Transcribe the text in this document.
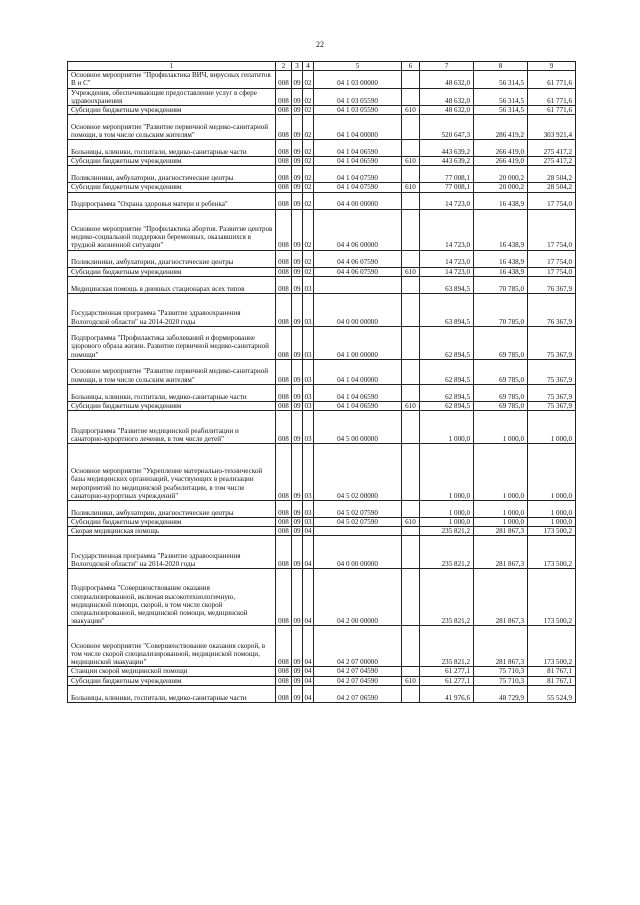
22
1	2	3	4	5	6	7	8	9
Основное мероприятие "Профилактика ВИЧ, вирусных гепатитов В и С"	008	09	02	04 1 03 00000		48 632,0	56 314,5	61 771,6
Учреждения, обеспечивающие предоставление услуг в сфере здравоохранения	008	09	02	04 1 03 05590		48 632,0	56 314,5	61 771,6
Субсидии бюджетным учреждениям	008	09	02	04 1 03 05590	610	48 632,0	56 314,5	61 771,6
Основное мероприятие "Развитие первичной медико-санитарной помощи, в том числе сельским жителям"	008	09	02	04 1 04 00000		520 647,3	286 419,2	303 921,4
Больницы, клиники, госпитали, медико-санитарные части	008	09	02	04 1 04 06590		443 639,2	266 419,0	275 417,2
Субсидии бюджетным учреждениям	008	09	02	04 1 04 06590	610	443 639,2	266 419,0	275 417,2
Поликлиники, амбулатории, диагностические центры	008	09	02	04 1 04 07590		77 008,1	20 000,2	28 504,2
Субсидии бюджетным учреждениям	008	09	02	04 1 04 07590	610	77 008,1	20 000,2	28 504,2
Подпрограмма "Охрана здоровья матери и ребенка"	008	09	02	04 4 00 00000		14 723,0	16 438,9	17 754,0
Основное мероприятие "Профилактика абортов. Развитие центров медико-социальной поддержки беременных, оказавшихся в трудной жизненной ситуации"	008	09	02	04 4 06 00000		14 723,0	16 438,9	17 754,0
Поликлиники, амбулатории, диагностические центры	008	09	02	04 4 06 07590		14 723,0	16 438,9	17 754,0
Субсидии бюджетным учреждениям	008	09	02	04 4 06 07590	610	14 723,0	16 438,9	17 754,0
Медицинская помощь в дневных стационарах всех типов	008	09	03			63 894,5	70 785,0	76 367,9
Государственная программа "Развитие здравоохранения Вологодской области" на 2014-2020 годы	008	09	03	04 0 00 00000		63 894,5	70 785,0	76 367,9
Подпрограмма "Профилактика заболеваний и формирование здорового образа жизни. Развитие первичной медико-санитарной помощи"	008	09	03	04 1 00 00000		62 894,5	69 785,0	75 367,9
Основное мероприятие "Развитие первичной медико-санитарной помощи, в том числе сельским жителям"	008	09	03	04 1 04 00000		62 894,5	69 785,0	75 367,9
Больницы, клиники, госпитали, медико-санитарные части	008	09	03	04 1 04 06590		62 894,5	69 785,0	75 367,9
Субсидии бюджетным учреждениям	008	09	03	04 1 04 06590	610	62 894,5	69 785,0	75 367,9
Подпрограмма "Развитие медицинской реабилитации и санаторно-курортного лечения, в том числе детей"	008	09	03	04 5 00 00000		1 000,0	1 000,0	1 000,0
Основное мероприятие "Укрепление материально-технической базы медицинских организаций, участвующих в реализации мероприятий по медицинской реабилитации, в том числе санаторно-курортных учреждений"	008	09	03	04 5 02 00000		1 000,0	1 000,0	1 000,0
Поликлиники, амбулатории, диагностические центры	008	09	03	04 5 02 07590		1 000,0	1 000,0	1 000,0
Субсидии бюджетным учреждениям	008	09	03	04 5 02 07590	610	1 000,0	1 000,0	1 000,0
Скорая медицинская помощь	008	09	04			235 821,2	281 867,3	173 500,2
Государственная программа "Развитие здравоохранения Вологодской области" на 2014-2020 годы	008	09	04	04 0 00 00000		235 821,2	281 867,3	173 500,2
Подпрограмма "Совершенствование оказания специализированной, включая высокотехнологичную, медицинской помощи, скорой, в том числе скорой специализированной, медицинской помощи, медицинской эвакуации"	008	09	04	04 2 00 00000		235 821,2	281 867,3	173 500,2
Основное мероприятие "Совершенствование оказания скорой, в том числе скорой специализированной, медицинской помощи, медицинской эвакуации"	008	09	04	04 2 07 00000		235 821,2	281 867,3	173 500,2
Станции скорой медицинской помощи	008	09	04	04 2 07 04590		61 277,1	75 710,3	81 767,1
Субсидии бюджетным учреждениям	008	09	04	04 2 07 04590	610	61 277,1	75 710,3	81 767,1
Больницы, клиники, госпитали, медико-санитарные части	008	09	04	04 2 07 06590		41 976,6	48 729,9	55 524,9
